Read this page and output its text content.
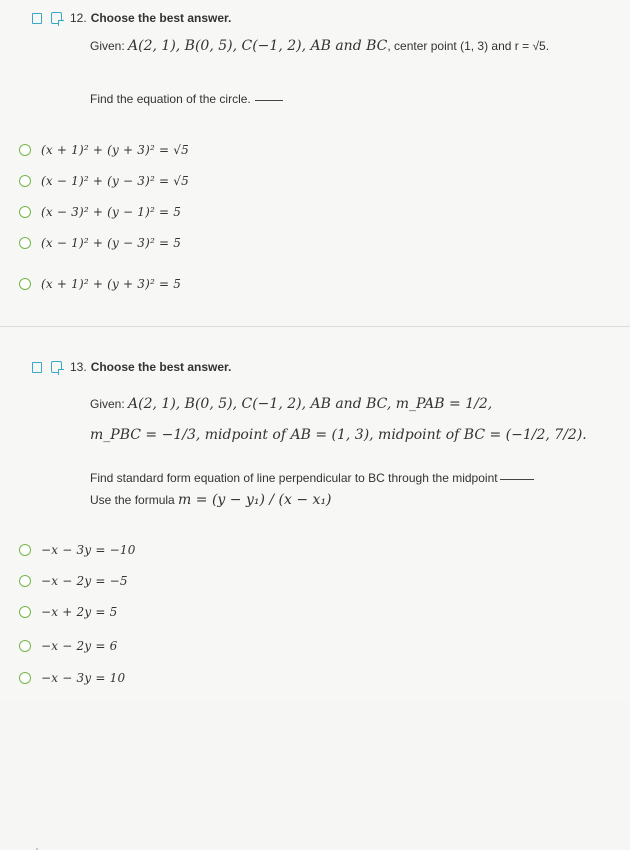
12. Choose the best answer.
Given: A(2, 1), B(0, 5), C(−1, 2), AB and BC, center point (1, 3) and r = √5.
Find the equation of the circle.
(x + 1)² + (y + 3)² = √5
(x − 1)² + (y − 3)² = √5
(x − 3)² + (y − 1)² = 5
(x − 1)² + (y − 3)² = 5
(x + 1)² + (y + 3)² = 5
13. Choose the best answer.
Given: A(2, 1), B(0, 5), C(−1, 2), AB and BC, m_PAB = 1/2,
m_PBC = −1/3, midpoint of AB = (1, 3), midpoint of BC = (−1/2, 7/2).
Find standard form equation of line perpendicular to BC through the midpoint
Use the formula m = (y − y₁) / (x − x₁)
−x − 3y = −10
−x − 2y = −5
−x + 2y = 5
−x − 2y = 6
−x − 3y = 10
